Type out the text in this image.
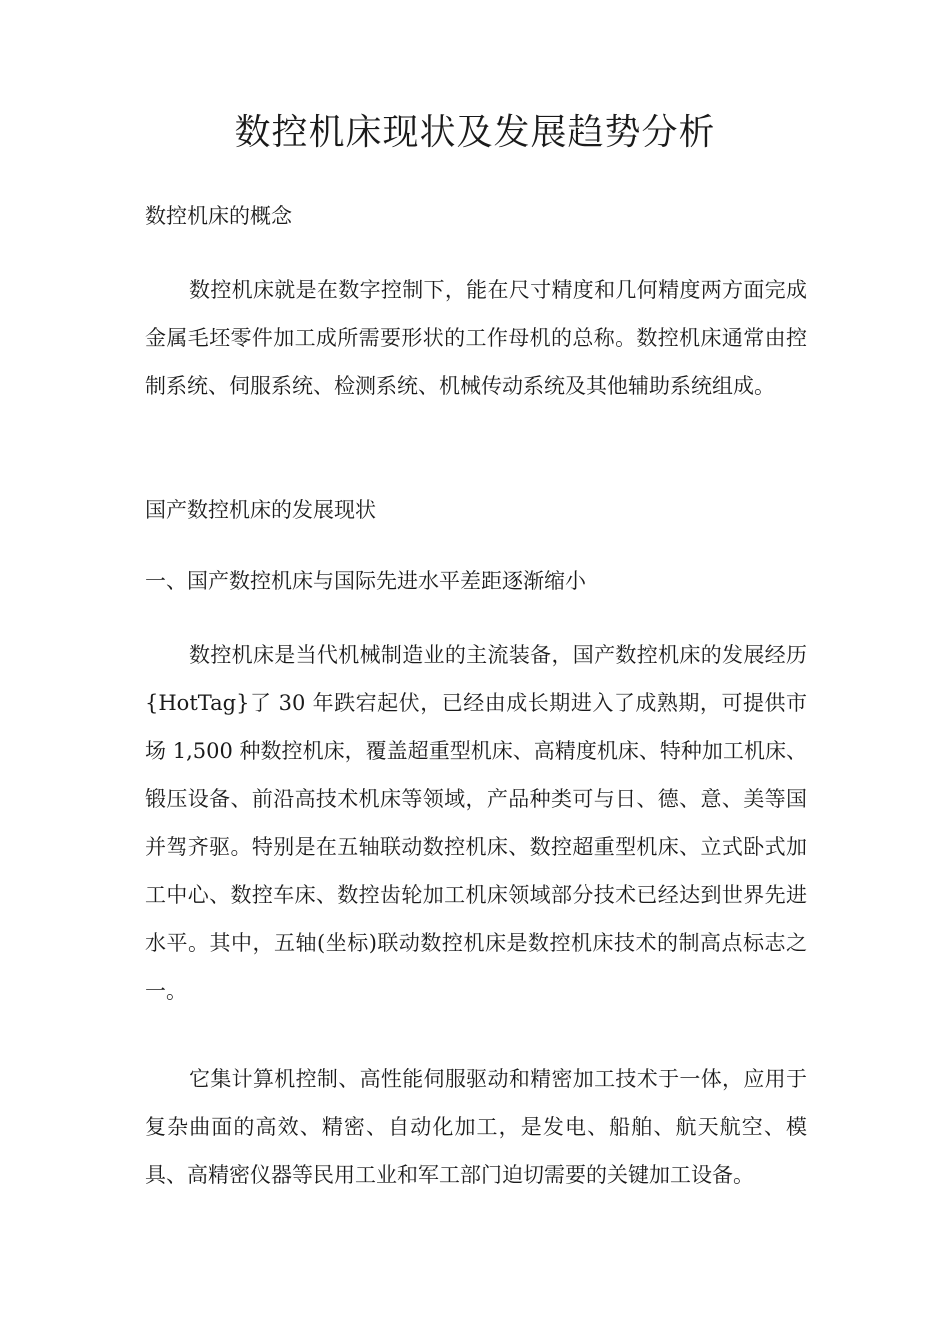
数控机床现状及发展趋势分析

数控机床的概念

数控机床就是在数字控制下，能在尺寸精度和几何精度两方面完成金属毛坯零件加工成所需要形状的工作母机的总称。数控机床通常由控制系统、伺服系统、检测系统、机械传动系统及其他辅助系统组成。

国产数控机床的发展现状

一、国产数控机床与国际先进水平差距逐渐缩小

数控机床是当代机械制造业的主流装备，国产数控机床的发展经历{HotTag}了 30 年跌宕起伏，已经由成长期进入了成熟期，可提供市场 1,500 种数控机床，覆盖超重型机床、高精度机床、特种加工机床、锻压设备、前沿高技术机床等领域，产品种类可与日、德、意、美等国并驾齐驱。特别是在五轴联动数控机床、数控超重型机床、立式卧式加工中心、数控车床、数控齿轮加工机床领域部分技术已经达到世界先进水平。其中，五轴(坐标)联动数控机床是数控机床技术的制高点标志之一。

它集计算机控制、高性能伺服驱动和精密加工技术于一体，应用于复杂曲面的高效、精密、自动化加工，是发电、船舶、航天航空、模具、高精密仪器等民用工业和军工部门迫切需要的关键加工设备。
